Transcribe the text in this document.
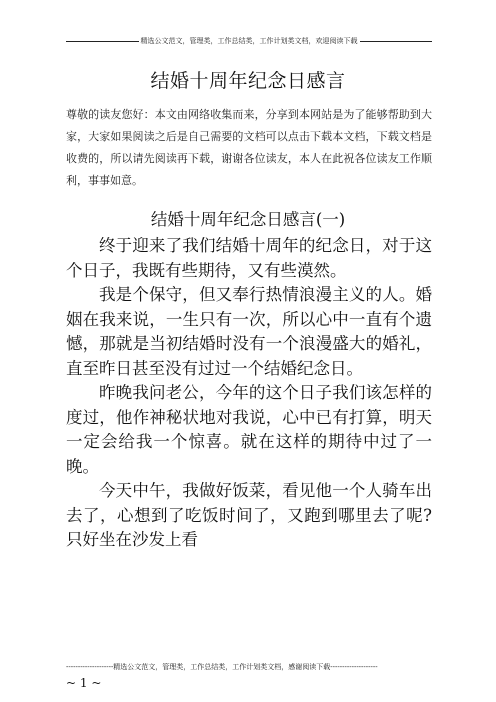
精选公文范文，管理类，工作总结类，工作计划类文档，欢迎阅读下载
结婚十周年纪念日感言
尊敬的读友您好：本文由网络收集而来，分享到本网站是为了能够帮助到大家，大家如果阅读之后是自己需要的文档可以点击下载本文档，下载文档是收费的，所以请先阅读再下载，谢谢各位读友，本人在此祝各位读友工作顺利，事事如意。
结婚十周年纪念日感言(一)

终于迎来了我们结婚十周年的纪念日，对于这个日子，我既有些期待，又有些漠然。

我是个保守，但又奉行热情浪漫主义的人。婚姻在我来说，一生只有一次，所以心中一直有个遗憾，那就是当初结婚时没有一个浪漫盛大的婚礼，直至昨日甚至没有过过一个结婚纪念日。

昨晚我问老公，今年的这个日子我们该怎样的度过，他作神秘状地对我说，心中已有打算，明天一定会给我一个惊喜。就在这样的期待中过了一晚。

今天中午，我做好饭菜，看见他一个人骑车出去了，心想到了吃饭时间了，又跑到哪里去了呢?只好坐在沙发上看

--------------------精选公文范文，管理类，工作总结类，工作计划类文档，感谢阅读下载--------------------
~ 1 ~
